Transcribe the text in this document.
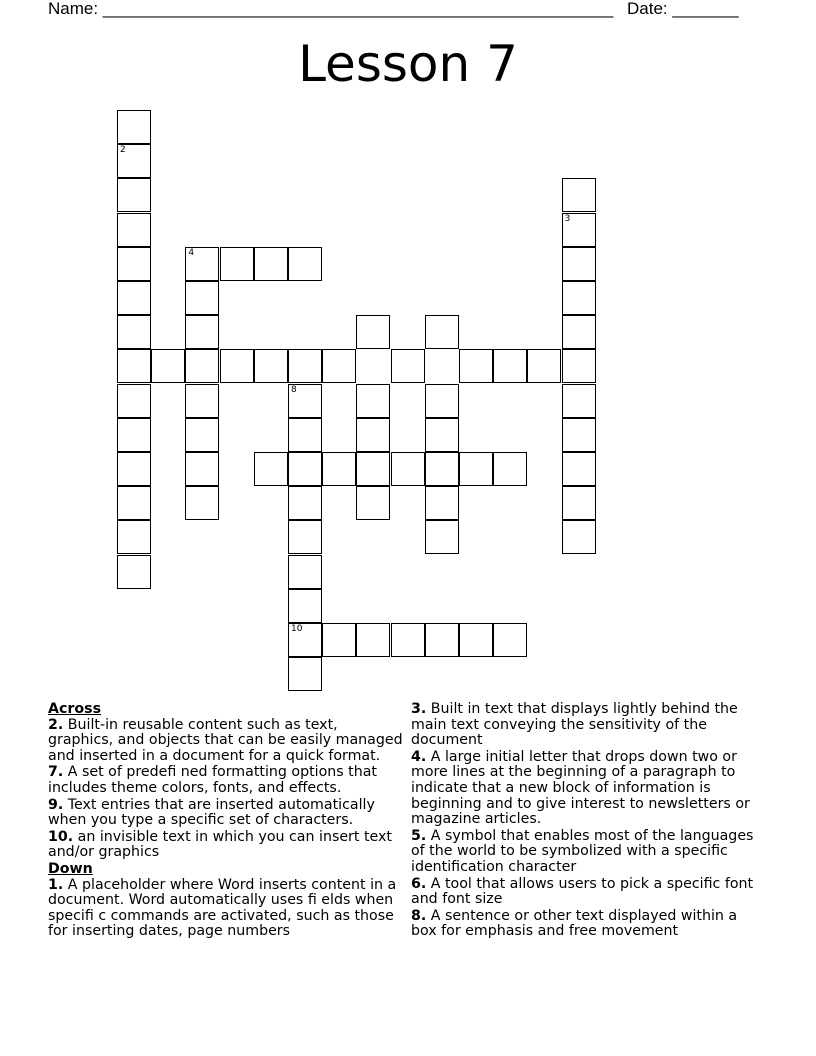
Name: ______________________________________________________ Date: _______
Lesson 7
4
2
3
8
10
Across
2. Built-in reusable content such as text, graphics, and objects that can be easily managed and inserted in a document for a quick format.
7. A set of predefi ned formatting options that includes theme colors, fonts, and effects.
9. Text entries that are inserted automatically when you type a specific set of characters.
10. an invisible text in which you can insert text and/or graphics
Down
1. A placeholder where Word inserts content in a document. Word automatically uses fi elds when specifi c commands are activated, such as those for inserting dates, page numbers
3. Built in text that displays lightly behind the main text conveying the sensitivity of the document
4. A large initial letter that drops down two or more lines at the beginning of a paragraph to indicate that a new block of information is beginning and to give interest to newsletters or magazine articles.
5. A symbol that enables most of the languages of the world to be symbolized with a specific identification character
6. A tool that allows users to pick a specific font and font size
8. A sentence or other text displayed within a box for emphasis and free movement
